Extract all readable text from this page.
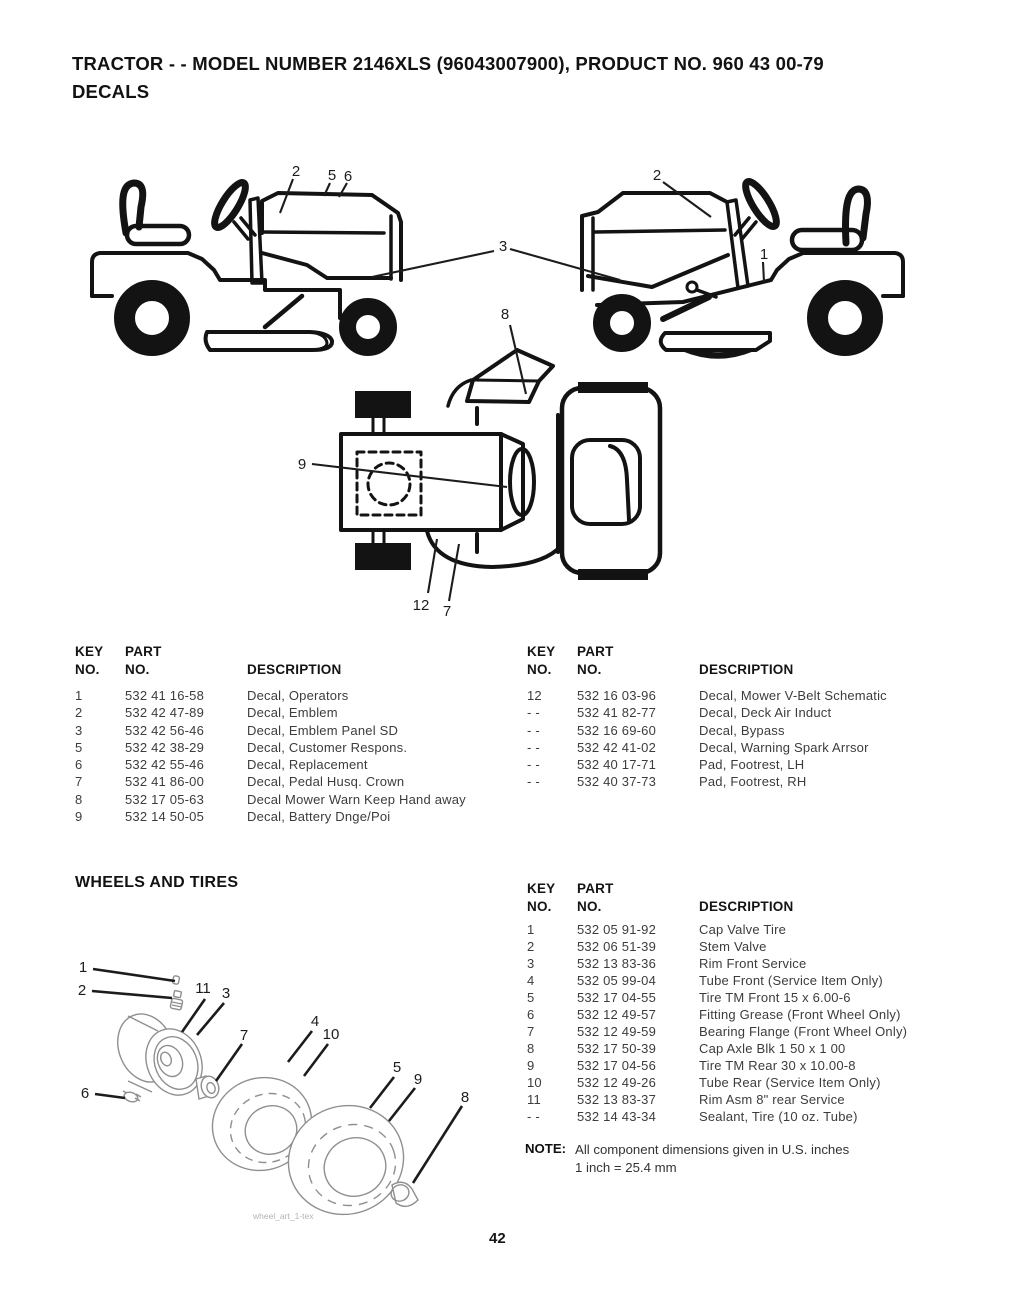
TRACTOR - - MODEL NUMBER 2146XLS (96043007900), PRODUCT NO. 960 43 00-79
DECALS
2 5 6
3
2
1
8
9
12 7
KEY
NO.
PART
NO.	DESCRIPTION
1	532 41 16-58	Decal, Operators
2	532 42 47-89	Decal, Emblem
3	532 42 56-46	Decal, Emblem Panel SD
5	532 42 38-29	Decal, Customer Respons.
6	532 42 55-46	Decal, Replacement
7	532 41 86-00	Decal, Pedal Husq. Crown
8	532 17 05-63	Decal Mower Warn Keep Hand away
9	532 14 50-05	Decal, Battery Dnge/Poi
KEY
NO.
PART
NO.	DESCRIPTION
12	532 16 03-96	Decal, Mower V-Belt Schematic
- -	532 41 82-77	Decal, Deck Air Induct
- -	532 16 69-60	Decal, Bypass
- -	532 42 41-02	Decal, Warning Spark Arrsor
- -	532 40 17-71	Pad, Footrest, LH
- -	532 40 37-73	Pad, Footrest, RH
WHEELS AND TIRES
wheel_art_1-tex
1
2	11 3
7
4
10
5
9
8
6
KEY
NO.
PART
NO.	DESCRIPTION
1	532 05 91-92	Cap Valve Tire
2	532 06 51-39	Stem Valve
3	532 13 83-36	Rim Front Service
4	532 05 99-04	Tube Front (Service Item Only)
5	532 17 04-55	Tire TM Front 15 x 6.00-6
6	532 12 49-57	Fitting Grease (Front Wheel Only)
7	532 12 49-59	Bearing Flange (Front Wheel Only)
8	532 17 50-39	Cap Axle Blk 1 50 x 1 00
9	532 17 04-56	Tire TM Rear 30 x 10.00-8
10	532 12 49-26	Tube Rear (Service Item Only)
11	532 13 83-37	Rim Asm 8" rear Service
- -	532 14 43-34	Sealant, Tire (10 oz. Tube)
NOTE: All component dimensions given in U.S. inches
1 inch = 25.4 mm
42
